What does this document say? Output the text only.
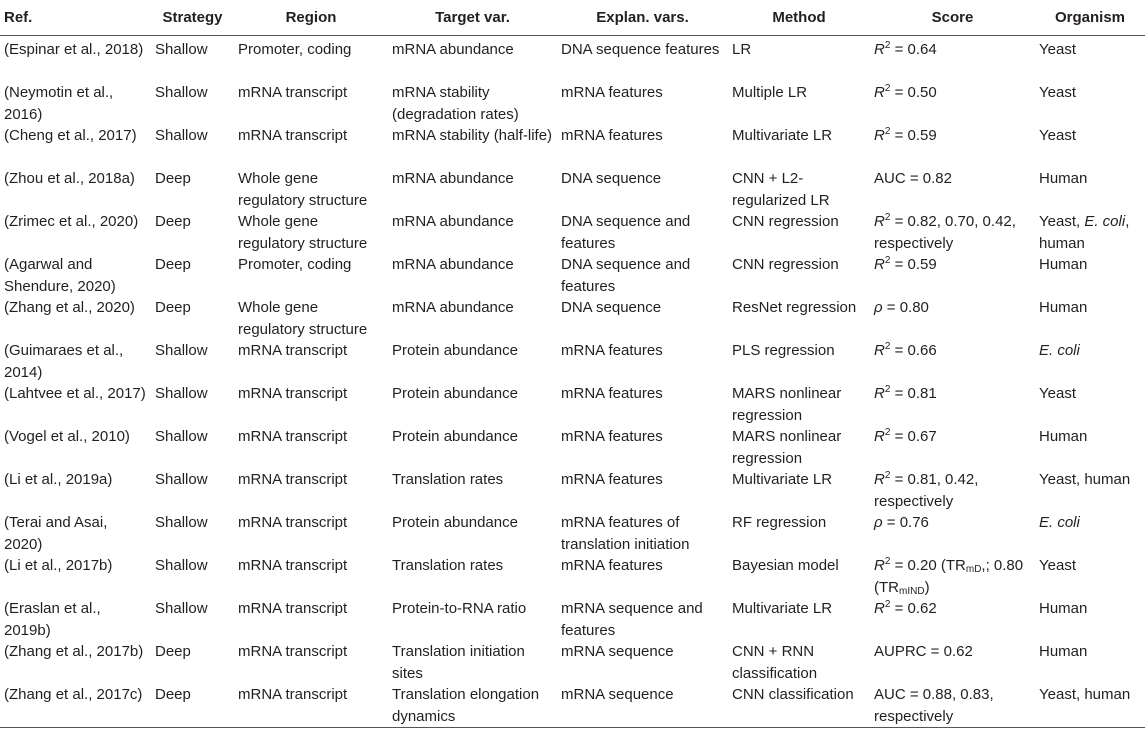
Ref.	Strategy	Region	Target var.	Explan. vars.	Method	Score	Organism
(Espinar et al., 2018)	Shallow	Promoter, coding	mRNA abundance	DNA sequence features	LR	$R^2 = 0.64$	Yeast
(Neymotin et al., 2016)	Shallow	mRNA transcript	mRNA stability (degradation rates)	mRNA features	Multiple LR	$R^2 = 0.50$	Yeast
(Cheng et al., 2017)	Shallow	mRNA transcript	mRNA stability (half-life)	mRNA features	Multivariate LR	$R^2 = 0.59$	Yeast
(Zhou et al., 2018a)	Deep	Whole gene regulatory structure	mRNA abundance	DNA sequence	CNN + L2-regularized LR	AUC = 0.82	Human
(Zrimec et al., 2020)	Deep	Whole gene regulatory structure	mRNA abundance	DNA sequence and features	CNN regression	$R^2 = 0.82$, 0.70, 0.42, respectively	Yeast, E. coli, human
(Agarwal and Shendure, 2020)	Deep	Promoter, coding	mRNA abundance	DNA sequence and features	CNN regression	$R^2 = 0.59$	Human
(Zhang et al., 2020)	Deep	Whole gene regulatory structure	mRNA abundance	DNA sequence	ResNet regression	ρ = 0.80	Human
(Guimaraes et al., 2014)	Shallow	mRNA transcript	Protein abundance	mRNA features	PLS regression	$R^2 = 0.66$	E. coli
(Lahtvee et al., 2017)	Shallow	mRNA transcript	Protein abundance	mRNA features	MARS nonlinear regression	$R^2 = 0.81$	Yeast
(Vogel et al., 2010)	Shallow	mRNA transcript	Protein abundance	mRNA features	MARS nonlinear regression	$R^2 = 0.67$	Human
(Li et al., 2019a)	Shallow	mRNA transcript	Translation rates	mRNA features	Multivariate LR	$R^2 = 0.81$, 0.42, respectively	Yeast, human
(Terai and Asai, 2020)	Shallow	mRNA transcript	Protein abundance	mRNA features of translation initiation	RF regression	ρ = 0.76	E. coli
(Li et al., 2017b)	Shallow	mRNA transcript	Translation rates	mRNA features	Bayesian model	$R^2 = 0.20$ ($TR_{mD}$,; 0.80 $(TR_{mIND})$	Yeast
(Eraslan et al., 2019b)	Shallow	mRNA transcript	Protein-to-RNA ratio	mRNA sequence and features	Multivariate LR	$R^2 = 0.62$	Human
(Zhang et al., 2017b)	Deep	mRNA transcript	Translation initiation sites	mRNA sequence	CNN + RNN classification	AUPRC = 0.62	Human
(Zhang et al., 2017c)	Deep	mRNA transcript	Translation elongation dynamics	mRNA sequence	CNN classification	AUC = 0.88, 0.83, respectively	Yeast, human
